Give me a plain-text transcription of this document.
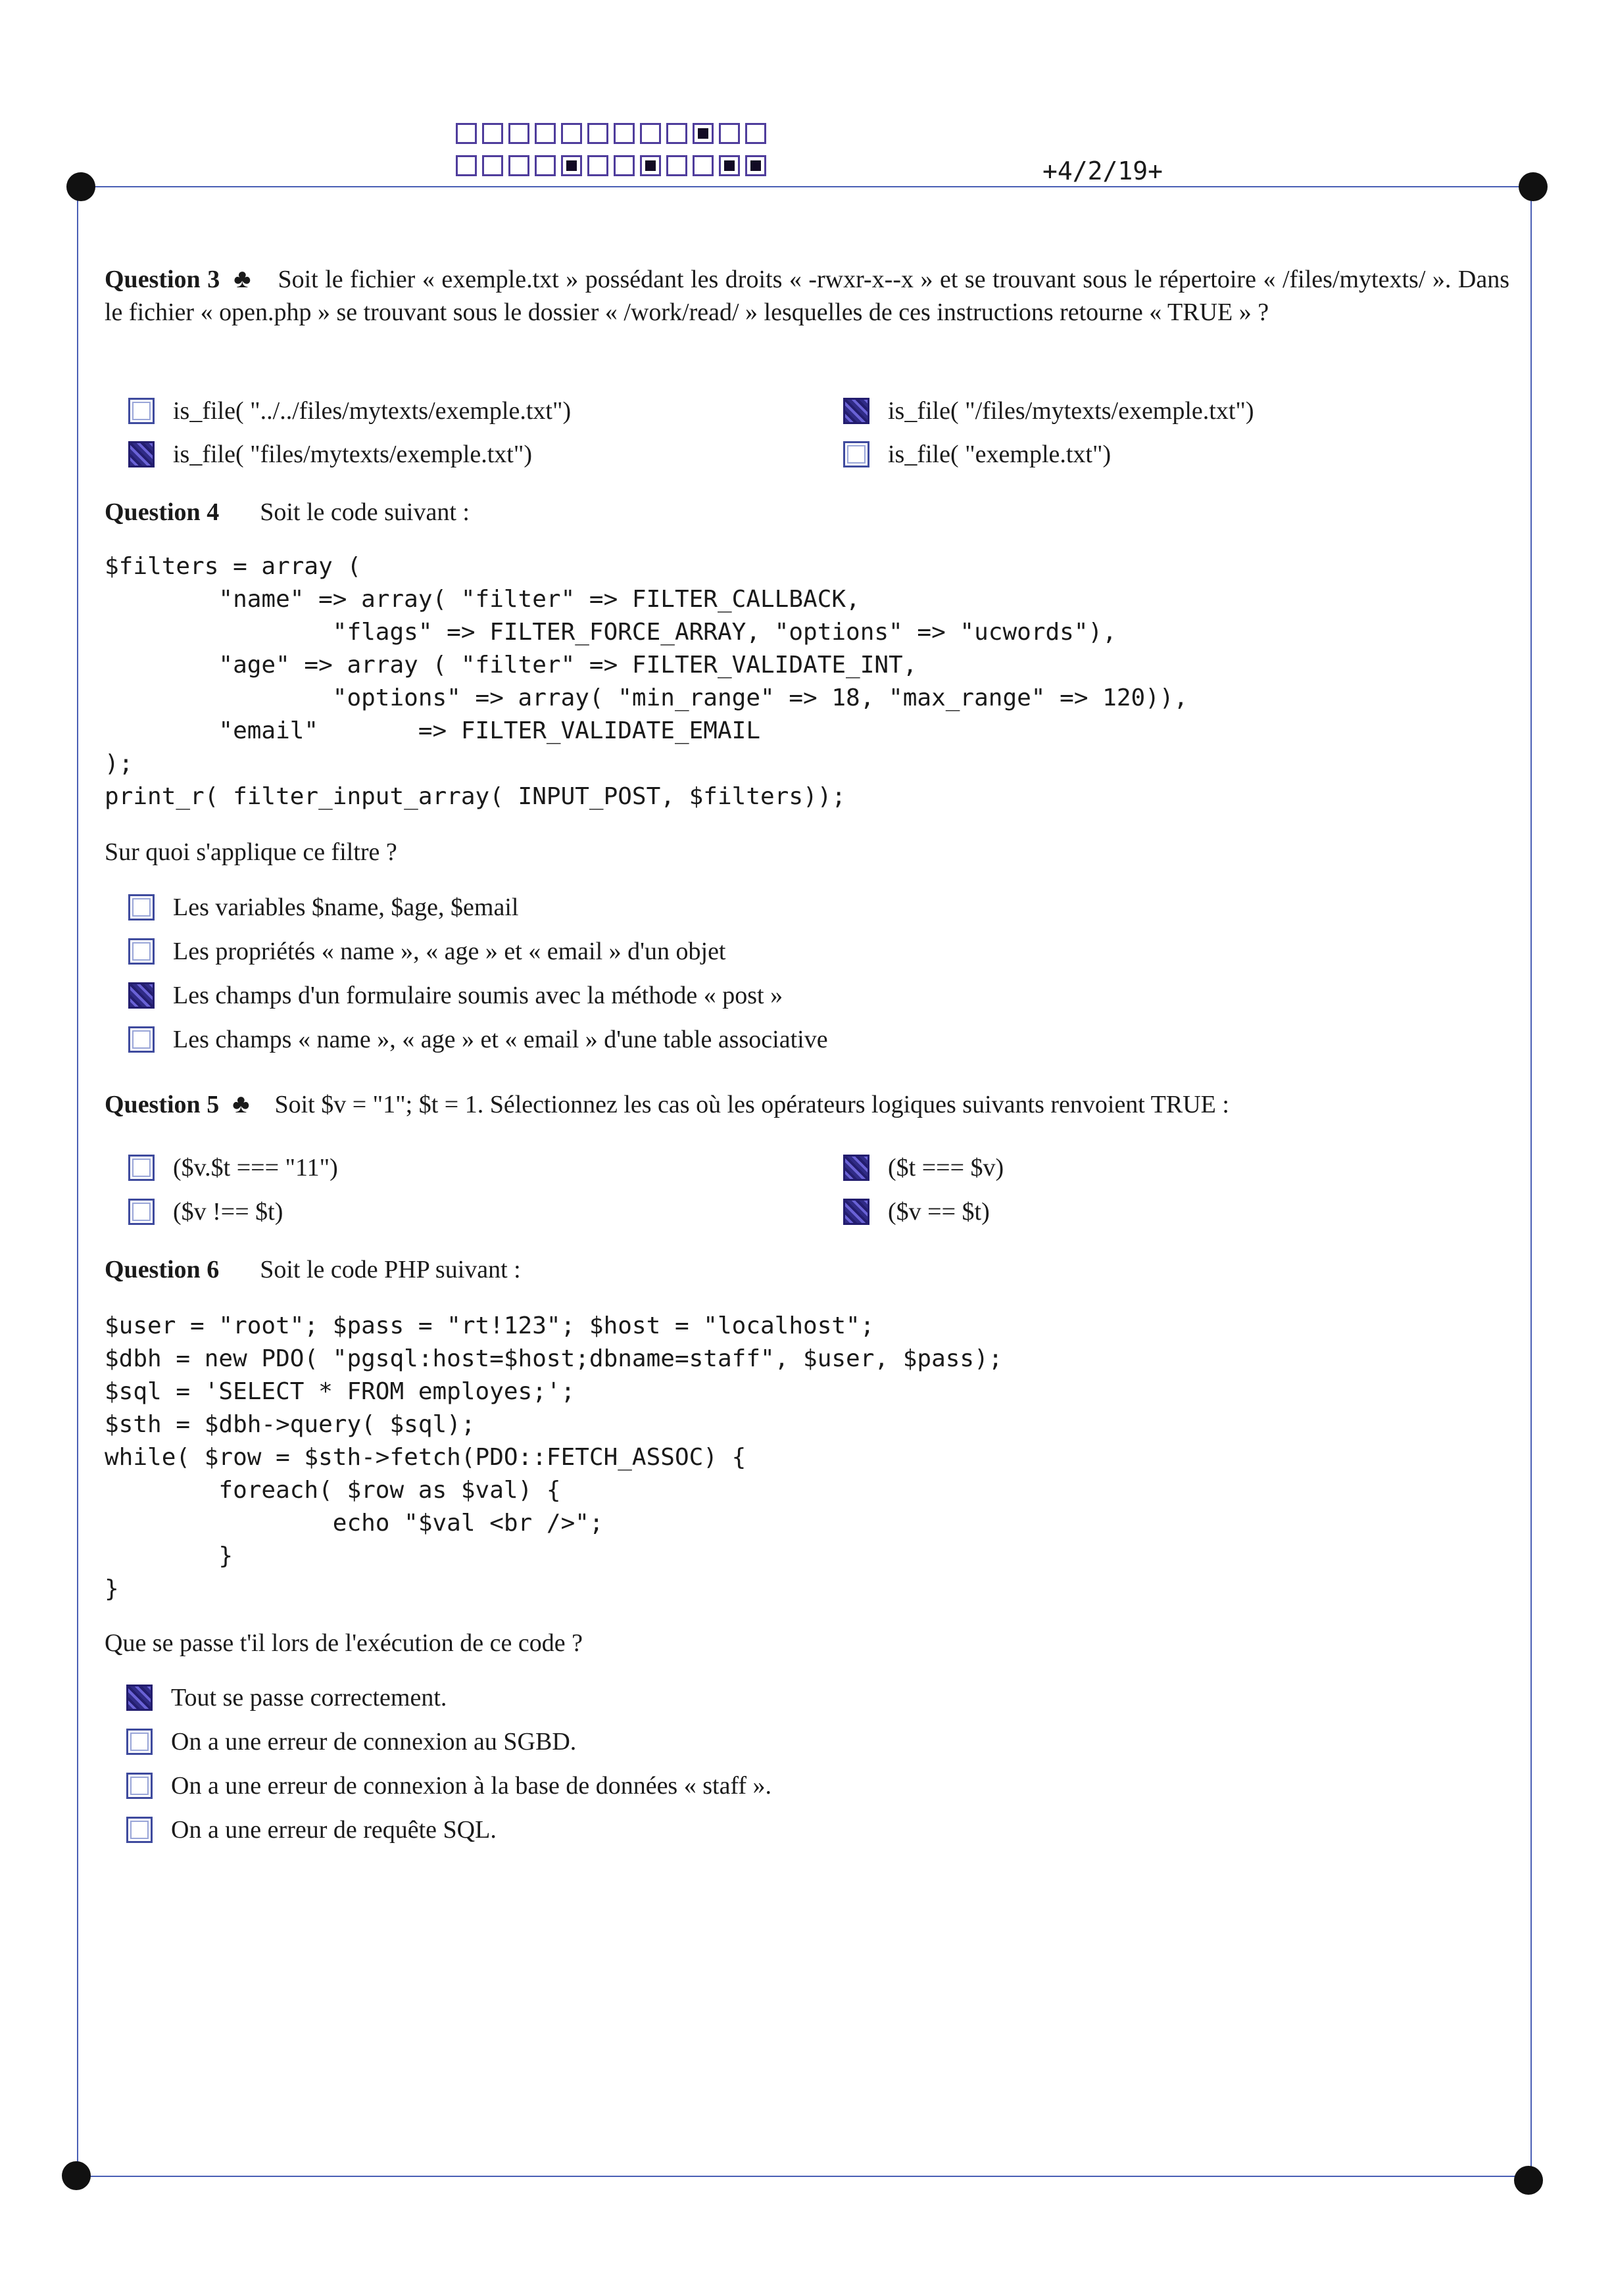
+4/2/19+
Question 3 ♣ Soit le fichier « exemple.txt » possédant les droits « -rwxr-x--x » et se trouvant sous le répertoire « /files/mytexts/ ». Dans le fichier « open.php » se trouvant sous le dossier « /work/read/ » lesquelles de ces instructions retourne « TRUE » ?
is_file( "../../files/mytexts/exemple.txt")
is_file( "files/mytexts/exemple.txt")
is_file( "/files/mytexts/exemple.txt")
is_file( "exemple.txt")
Question 4 Soit le code suivant :
$filters = array (
"name" => array( "filter" => FILTER_CALLBACK,
"flags" => FILTER_FORCE_ARRAY, "options" => "ucwords"),
"age" => array ( "filter" => FILTER_VALIDATE_INT,
"options" => array( "min_range" => 18, "max_range" => 120)),
"email"       => FILTER_VALIDATE_EMAIL
);
print_r( filter_input_array( INPUT_POST, $filters));
Sur quoi s'applique ce filtre ?
Les variables $name, $age, $email
Les propriétés « name », « age » et « email » d'un objet
Les champs d'un formulaire soumis avec la méthode « post »
Les champs « name », « age » et « email » d'une table associative
Question 5 ♣ Soit $v = "1"; $t = 1. Sélectionnez les cas où les opérateurs logiques suivants renvoient TRUE :
($v.$t === "11")
($v !== $t)
($t === $v)
($v == $t)
Question 6 Soit le code PHP suivant :
$user = "root"; $pass = "rt!123"; $host = "localhost";
$dbh = new PDO( "pgsql:host=$host;dbname=staff", $user, $pass);
$sql = 'SELECT * FROM employes;';
$sth = $dbh->query( $sql);
while( $row = $sth->fetch(PDO::FETCH_ASSOC) {
foreach( $row as $val) {
echo "$val <br />";
}
}
Que se passe t'il lors de l'exécution de ce code ?
Tout se passe correctement.
On a une erreur de connexion au SGBD.
On a une erreur de connexion à la base de données « staff ».
On a une erreur de requête SQL.
